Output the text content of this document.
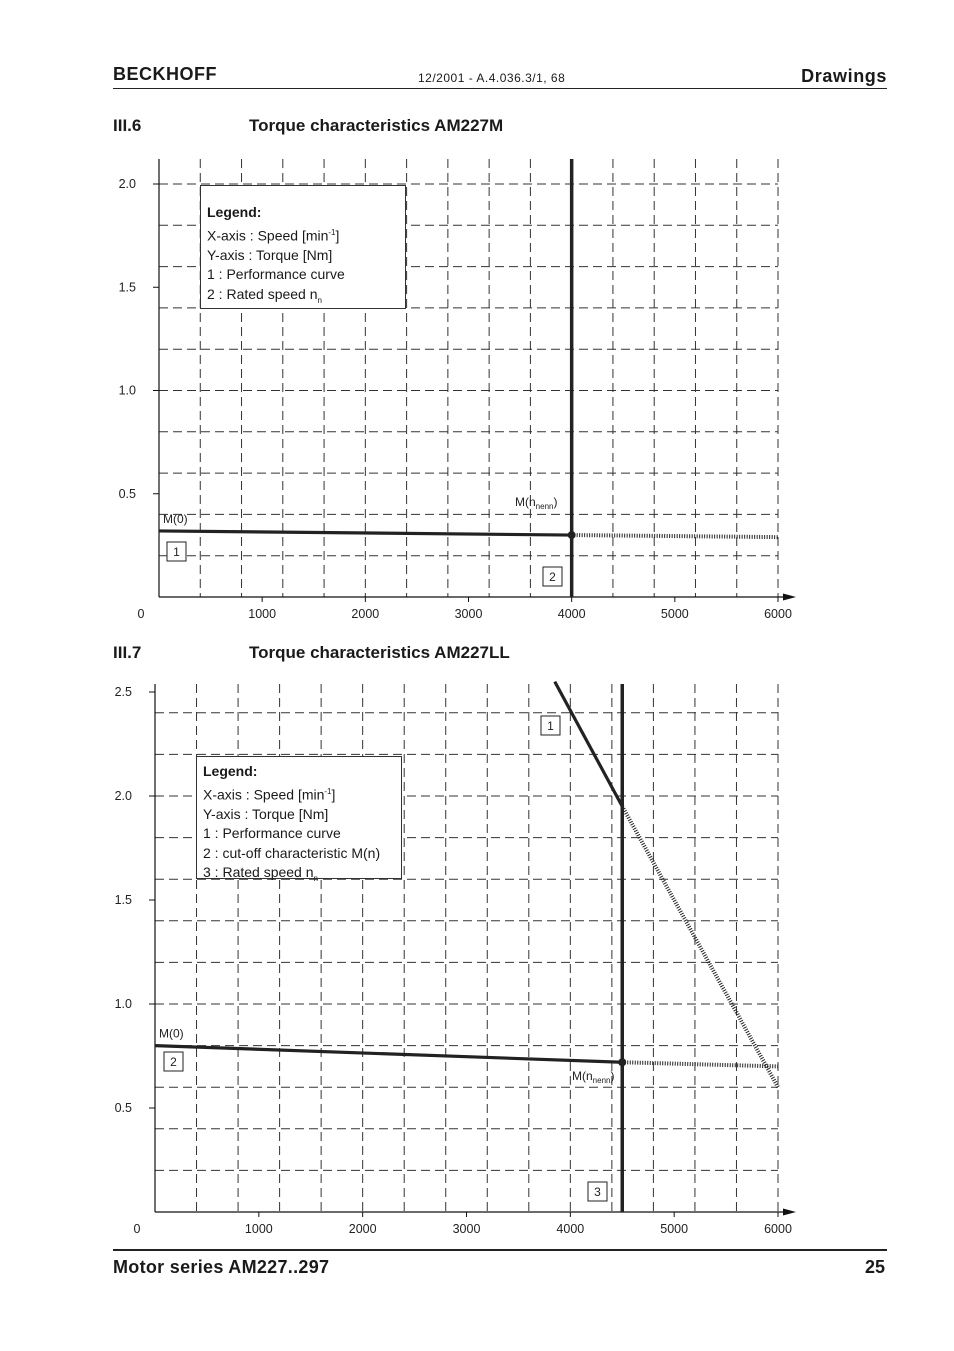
BECKHOFF	12/2001 - A.4.036.3/1, 68	Drawings
III.6	Torque characteristics AM227M
0	1000	2000	3000	4000	5000	6000
0.5
1.0
1.5
2.0
M(0)
$M(n_{nenn})$
1
2
Legend:
X-axis : Speed $[\min^{-1}]$
Y-axis : Torque [Nm]
1 : Performance curve
2 : Rated speed $n_n$
III.7	Torque characteristics AM227LL
0	1000	2000	3000	4000	5000	6000
0.5
1.0
1.5
2.0
2.5
M(0)
$M(n_{nenn})$
1
2
3
Legend:
X-axis : Speed $[\min^{-1}]$
Y-axis : Torque [Nm]
1 : Performance curve
2 : cut-off characteristic M(n)
3 : Rated speed $n_n$
Motor series AM227..297	25
